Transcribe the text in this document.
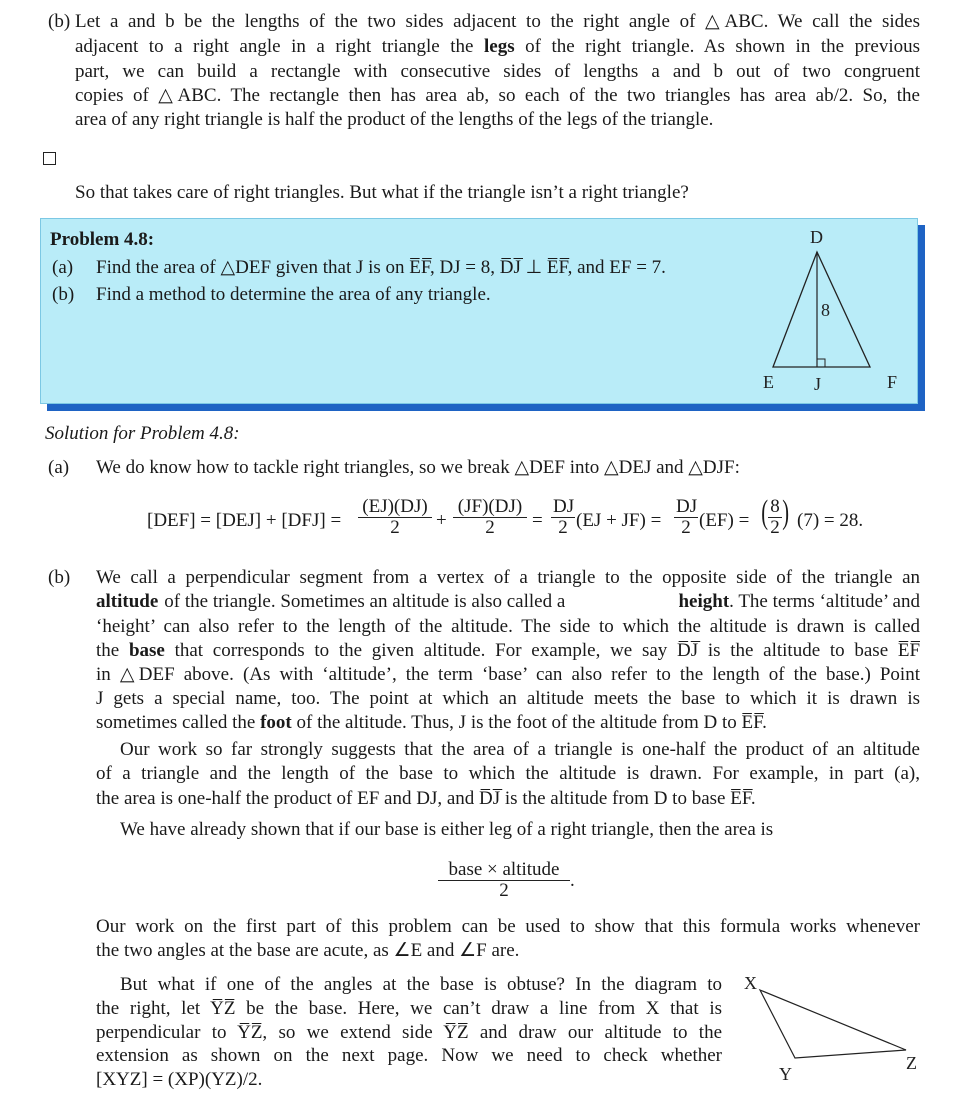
(b) Let a and b be the lengths of the two sides adjacent to the right angle of △ABC. We call the sides
adjacent to a right angle in a right triangle the legs of the right triangle. As shown in the previous
part, we can build a rectangle with consecutive sides of lengths a and b out of two congruent
copies of △ABC. The rectangle then has area ab, so each of the two triangles has area ab/2. So, the
area of any right triangle is half the product of the lengths of the legs of the triangle.
So that takes care of right triangles. But what if the triangle isn’t a right triangle?
Problem 4.8:
(a) Find the area of △DEF given that J is on E̅F̅, DJ = 8, D̅J̅ ⊥ E̅F̅, and EF = 7.
(b) Find a method to determine the area of any triangle.
D
E J	F
8
Solution for Problem 4.8:
(a) We do know how to tackle right triangles, so we break △DEF into △DEJ and △DJF:
$[DEF] = [DEJ] + [DFJ] = \frac{(EJ)(DJ)}{2} + \frac{(JF)(DJ)}{2} = \frac{DJ}{2} (EJ + JF) = \frac{DJ}{2} (EF)$ = ( $\frac{8}{2}$ ) (7) = 28.
(b) We call a perpendicular segment from a vertex of a triangle to the opposite side of the triangle an
altitude of the triangle. Sometimes an altitude is also called a	height. The terms ‘altitude’ and
‘height’ can also refer to the length of the altitude. The side to which the altitude is drawn is called
the base that corresponds to the given altitude. For example, we say D̅J̅ is the altitude to base E̅F̅
in △DEF above. (As with ‘altitude’, the term ‘base’ can also refer to the length of the base.) Point
J gets a special name, too. The point at which an altitude meets the base to which it is drawn is
sometimes called the foot of the altitude. Thus, J is the foot of the altitude from D to E̅F̅.
Our work so far strongly suggests that the area of a triangle is one-half the product of an altitude
of a triangle and the length of the base to which the altitude is drawn. For example, in part (a),
the area is one-half the product of EF and DJ, and D̅J̅ is the altitude from D to base E̅F̅.
We have already shown that if our base is either leg of a right triangle, then the area is
base × altitude
2	.
Our work on the first part of this problem can be used to show that this formula works whenever
the two angles at the base are acute, as ∠E and ∠F are.
But what if one of the angles at the base is obtuse? In the diagram to
the right, let Y̅Z̅ be the base. Here, we can’t draw a line from X that is
perpendicular to Y̅Z̅, so we extend side Y̅Z̅ and draw our altitude to the
extension as shown on the next page. Now we need to check whether
[XYZ] = (XP)(YZ)/2.
X
Y
Z
